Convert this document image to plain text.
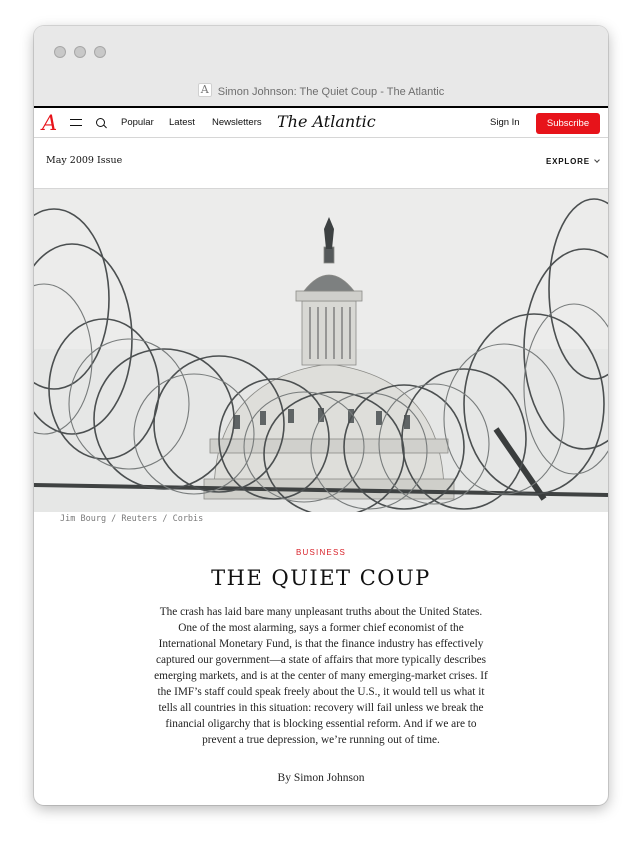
A Simon Johnson: The Quiet Coup - The Atlantic
A	Popular Latest Newsletters The Atlantic	Sign In	Subscribe
May 2009 Issue	EXPLORE
Jim Bourg / Reuters / Corbis
BUSINESS
THE QUIET COUP
The crash has laid bare many unpleasant truths about the United States. One of the most alarming, says a former chief economist of the International Monetary Fund, is that the finance industry has effectively captured our government—a state of affairs that more typically describes emerging markets, and is at the center of many emerging-market crises. If the IMF’s staff could speak freely about the U.S., it would tell us what it tells all countries in this situation: recovery will fail unless we break the financial oligarchy that is blocking essential reform. And if we are to prevent a true depression, we’re running out of time.
By Simon Johnson
